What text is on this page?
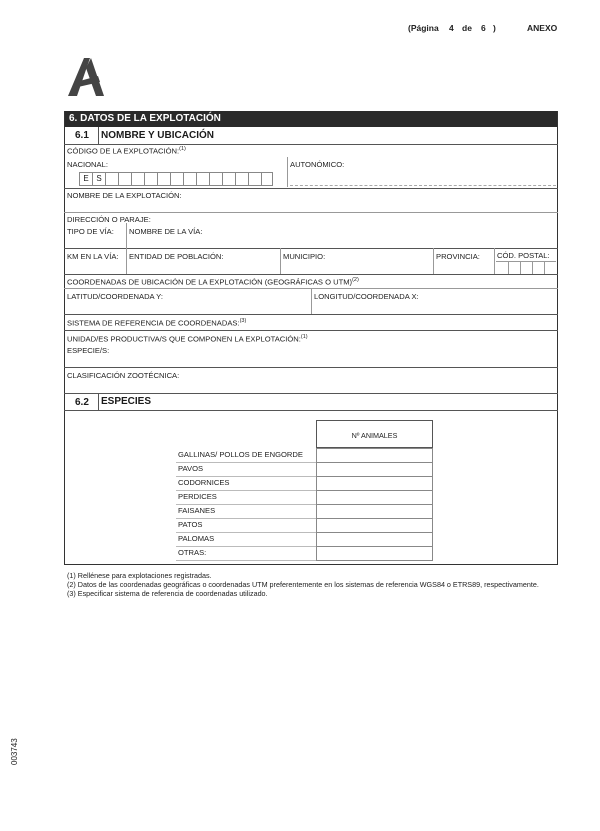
(Página 4 de 6 )	ANEXO
6. DATOS DE LA EXPLOTACIÓN
6.1 NOMBRE Y UBICACIÓN
CÓDIGO DE LA EXPLOTACIÓN:$^{(1)}$
NACIONAL:	AUTONÓMICO:
E S
NOMBRE DE LA EXPLOTACIÓN:
DIRECCIÓN O PARAJE:
TIPO DE VÍA: NOMBRE DE LA VÍA:
KM EN LA VÍA: ENTIDAD DE POBLACIÓN:	MUNICIPIO:	PROVINCIA: CÓD. POSTAL:
COORDENADAS DE UBICACIÓN DE LA EXPLOTACIÓN (GEOGRÁFICAS O UTM)$^{(2)}$
LATITUD/COORDENADA Y:	LONGITUD/COORDENADA X:
SISTEMA DE REFERENCIA DE COORDENADAS:$^{(3)}$
UNIDAD/ES PRODUCTIVA/S QUE COMPONEN LA EXPLOTACIÓN:$^{(1)}$
ESPECIE/S:
CLASIFICACIÓN ZOOTÉCNICA:
6.2 ESPECIES
Nº ANIMALES
GALLINAS/ POLLOS DE ENGORDE
PAVOS
CODORNICES
PERDICES
FAISANES
PATOS
PALOMAS
OTRAS:
(1) Rellénese para explotaciones registradas.
(2) Datos de las coordenadas geográficas o coordenadas UTM preferentemente en los sistemas de referencia WGS84 o ETRS89, respectivamente.
(3) Especificar sistema de referencia de coordenadas utilizado.
003743
